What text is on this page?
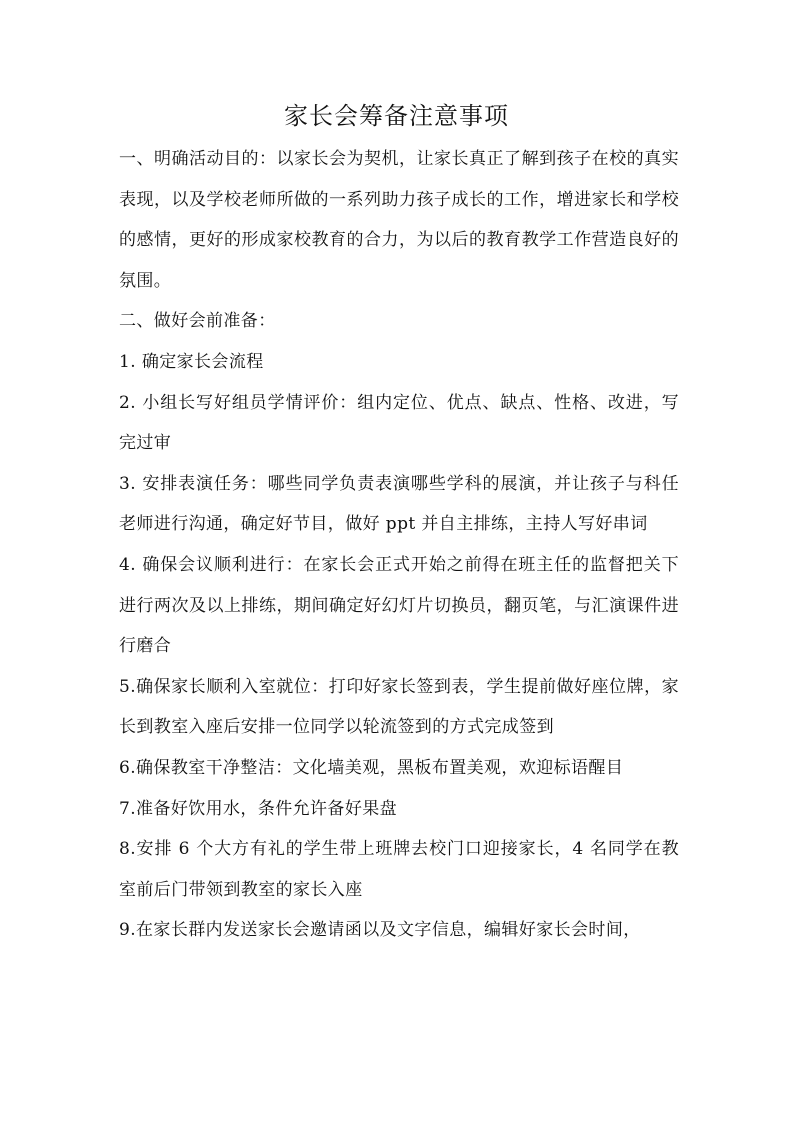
家长会筹备注意事项

一、明确活动目的：以家长会为契机，让家长真正了解到孩子在校的真实表现，以及学校老师所做的一系列助力孩子成长的工作，增进家长和学校的感情，更好的形成家校教育的合力，为以后的教育教学工作营造良好的氛围。

二、做好会前准备：

1. 确定家长会流程

2. 小组长写好组员学情评价：组内定位、优点、缺点、性格、改进，写完过审

3. 安排表演任务：哪些同学负责表演哪些学科的展演，并让孩子与科任老师进行沟通，确定好节目，做好 ppt 并自主排练，主持人写好串词

4. 确保会议顺利进行：在家长会正式开始之前得在班主任的监督把关下进行两次及以上排练，期间确定好幻灯片切换员，翻页笔，与汇演课件进行磨合

5.确保家长顺利入室就位：打印好家长签到表，学生提前做好座位牌，家长到教室入座后安排一位同学以轮流签到的方式完成签到

6.确保教室干净整洁：文化墙美观，黑板布置美观，欢迎标语醒目

7.准备好饮用水，条件允许备好果盘

8.安排 6 个大方有礼的学生带上班牌去校门口迎接家长，4 名同学在教室前后门带领到教室的家长入座

9.在家长群内发送家长会邀请函以及文字信息，编辑好家长会时间，
